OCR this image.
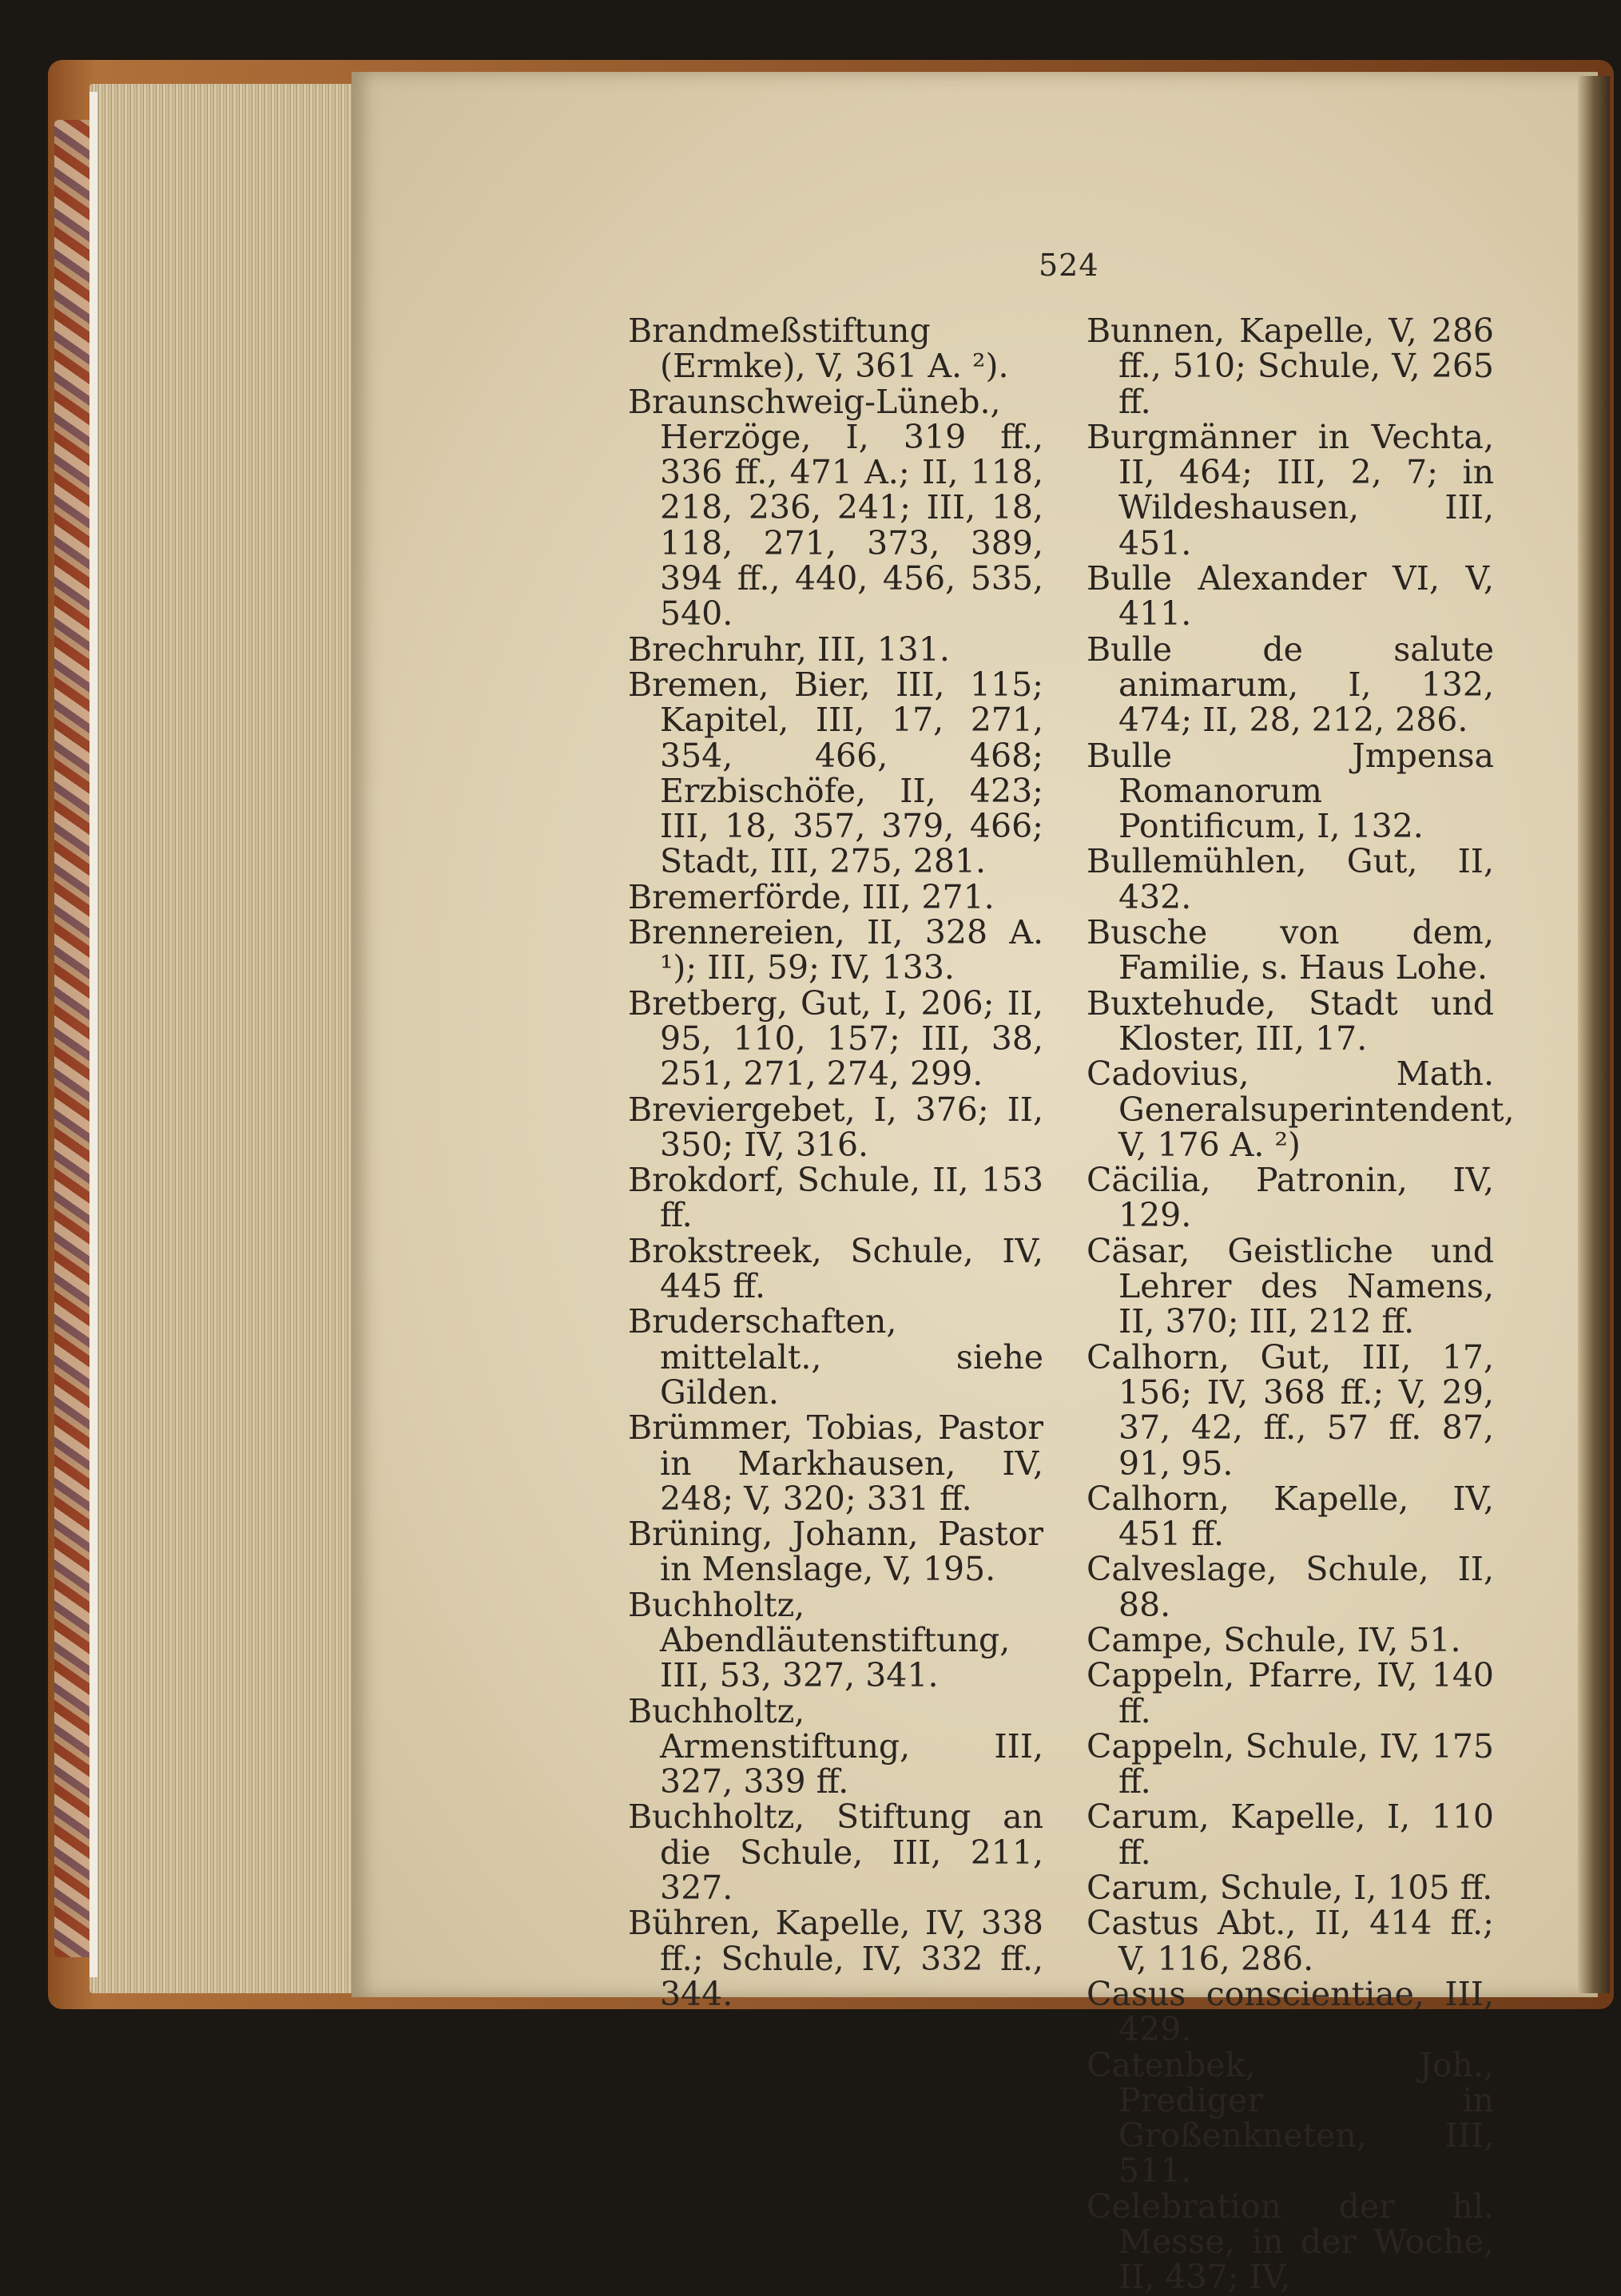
524
Brandmeßstiftung (Ermke), V, 361 A. ²).
Braunschweig-Lüneb., Herzöge, I, 319 ff., 336 ff., 471 A.; II, 118, 218, 236, 241; III, 18, 118, 271, 373, 389, 394 ff., 440, 456, 535, 540.
Brechruhr, III, 131.
Bremen, Bier, III, 115; Kapitel, III, 17, 271, 354, 466, 468; Erzbischöfe, II, 423; III, 18, 357, 379, 466; Stadt, III, 275, 281.
Bremerförde, III, 271.
Brennereien, II, 328 A. ¹); III, 59; IV, 133.
Bretberg, Gut, I, 206; II, 95, 110, 157; III, 38, 251, 271, 274, 299.
Breviergebet, I, 376; II, 350; IV, 316.
Brokdorf, Schule, II, 153 ff.
Brokstreek, Schule, IV, 445 ff.
Bruderschaften, mittelalt., siehe Gilden.
Brümmer, Tobias, Pastor in Markhausen, IV, 248; V, 320; 331 ff.
Brüning, Johann, Pastor in Menslage, V, 195.
Buchholtz, Abendläutenstiftung, III, 53, 327, 341.
Buchholtz, Armenstiftung, III, 327, 339 ff.
Buchholtz, Stiftung an die Schule, III, 211, 327.
Bühren, Kapelle, IV, 338 ff.; Schule, IV, 332 ff., 344.
Bunnen, Kapelle, V, 286 ff., 510; Schule, V, 265 ff.
Burgmänner in Vechta, II, 464; III, 2, 7; in Wildeshausen, III, 451.
Bulle Alexander VI, V, 411.
Bulle de salute animarum, I, 132, 474; II, 28, 212, 286.
Bulle Jmpensa Romanorum Pontificum, I, 132.
Bullemühlen, Gut, II, 432.
Busche von dem, Familie, s. Haus Lohe.
Buxtehude, Stadt und Kloster, III, 17.
Cadovius, Math. Generalsuperintendent, V, 176 A. ²)
Cäcilia, Patronin, IV, 129.
Cäsar, Geistliche und Lehrer des Namens, II, 370; III, 212 ff.
Calhorn, Gut, III, 17, 156; IV, 368 ff.; V, 29, 37, 42, ff., 57 ff. 87, 91, 95.
Calhorn, Kapelle, IV, 451 ff.
Calveslage, Schule, II, 88.
Campe, Schule, IV, 51.
Cappeln, Pfarre, IV, 140 ff.
Cappeln, Schule, IV, 175 ff.
Carum, Kapelle, I, 110 ff.
Carum, Schule, I, 105 ff.
Castus Abt., II, 414 ff.; V, 116, 286.
Casus conscientiae, III, 429.
Catenbek, Joh., Prediger in Großenkneten, III, 511.
Celebration der hl. Messe, in der Woche, II, 437; IV,
